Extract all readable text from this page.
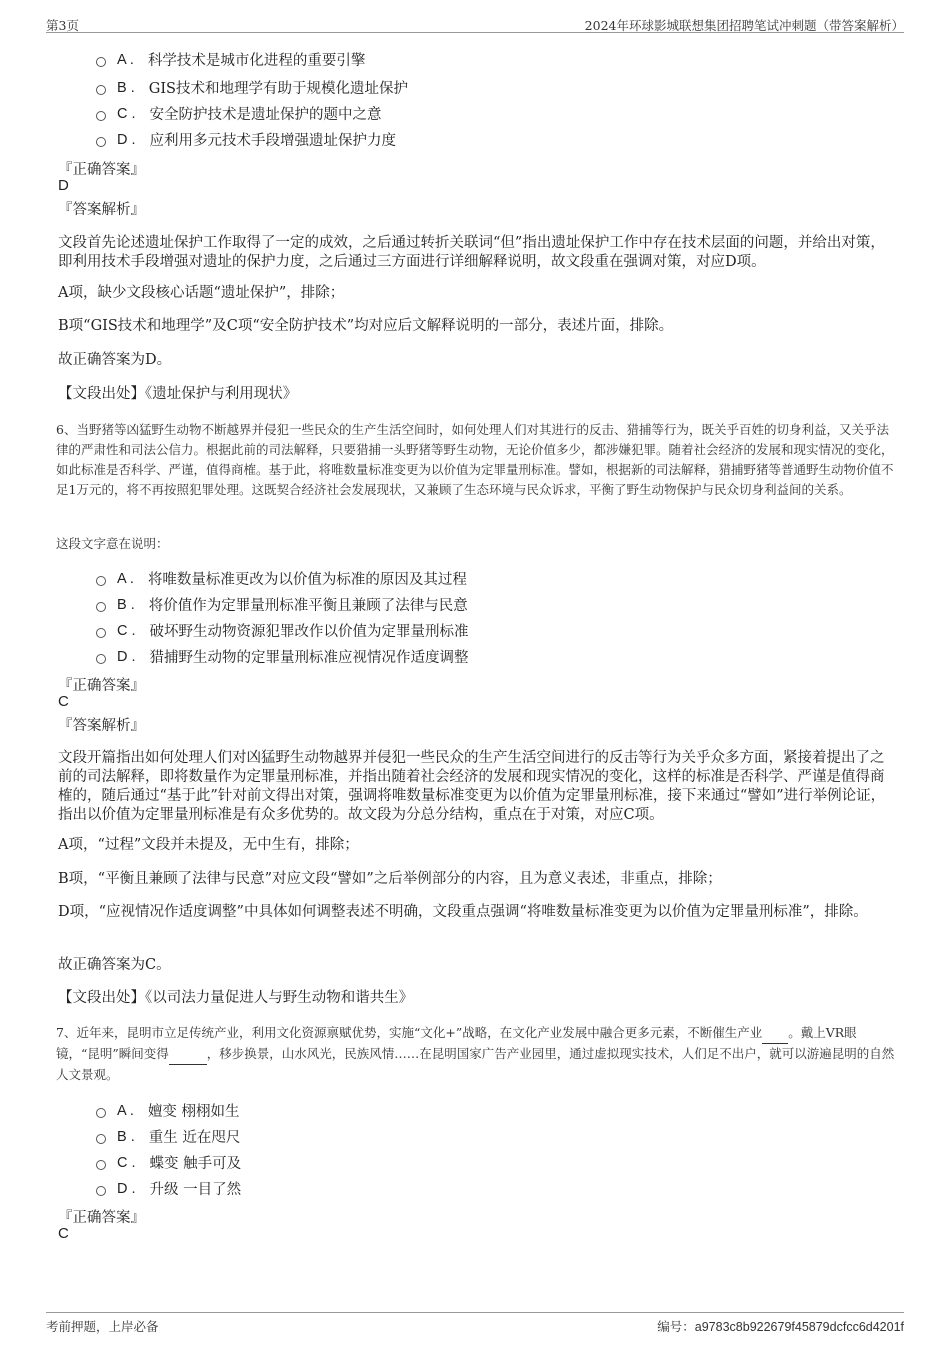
第3页	2024年环球影城联想集团招聘笔试冲刺题（带答案解析）
A . 科学技术是城市化进程的重要引擎
B . GIS技术和地理学有助于规模化遗址保护
C . 安全防护技术是遗址保护的题中之意
D . 应利用多元技术手段增强遗址保护力度
『正确答案』
D
『答案解析』
文段首先论述遗址保护工作取得了一定的成效，之后通过转折关联词“但”指出遗址保护工作中存在技术层面的问题，并给出对策，即利用技术手段增强对遗址的保护力度，之后通过三方面进行详细解释说明，故文段重在强调对策，对应D项。
A项，缺少文段核心话题“遗址保护”，排除；
B项“GIS技术和地理学”及C项“安全防护技术”均对应后文解释说明的一部分，表述片面，排除。
故正确答案为D。
【文段出处】《遗址保护与利用现状》
6、当野猪等凶猛野生动物不断越界并侵犯一些民众的生产生活空间时，如何处理人们对其进行的反击、猎捕等行为，既关乎百姓的切身利益，又关乎法律的严肃性和司法公信力。根据此前的司法解释，只要猎捕一头野猪等野生动物，无论价值多少，都涉嫌犯罪。随着社会经济的发展和现实情况的变化，如此标准是否科学、严谨，值得商榷。基于此，将唯数量标准变更为以价值为定罪量刑标准。譬如，根据新的司法解释，猎捕野猪等普通野生动物价值不足1万元的，将不再按照犯罪处理。这既契合经济社会发展现状，又兼顾了生态环境与民众诉求，平衡了野生动物保护与民众切身利益间的关系。
这段文字意在说明：
A . 将唯数量标准更改为以价值为标准的原因及其过程
B . 将价值作为定罪量刑标准平衡且兼顾了法律与民意
C . 破坏野生动物资源犯罪改作以价值为定罪量刑标准
D . 猎捕野生动物的定罪量刑标准应视情况作适度调整
『正确答案』
C
『答案解析』
文段开篇指出如何处理人们对凶猛野生动物越界并侵犯一些民众的生产生活空间进行的反击等行为关乎众多方面，紧接着提出了之前的司法解释，即将数量作为定罪量刑标准，并指出随着社会经济的发展和现实情况的变化，这样的标准是否科学、严谨是值得商榷的，随后通过“基于此”针对前文得出对策，强调将唯数量标准变更为以价值为定罪量刑标准，接下来通过“譬如”进行举例论证，指出以价值为定罪量刑标准是有众多优势的。故文段为分总分结构，重点在于对策，对应C项。
A项，“过程”文段并未提及，无中生有，排除；
B项，“平衡且兼顾了法律与民意”对应文段“譬如”之后举例部分的内容，且为意义表述，非重点，排除；
D项，“应视情况作适度调整”中具体如何调整表述不明确，文段重点强调“将唯数量标准变更为以价值为定罪量刑标准”，排除。
故正确答案为C。
【文段出处】《以司法力量促进人与野生动物和谐共生》
7、近年来，昆明市立足传统产业，利用文化资源禀赋优势，实施“文化+”战略，在文化产业发展中融合更多元素，不断催生产业 。戴上VR眼镜，“昆明”瞬间变得	，移步换景，山水风光，民族风情……在昆明国家广告产业园里，通过虚拟现实技术，人们足不出户，就可以游遍昆明的自然人文景观。
A . 嬗变 栩栩如生
B . 重生 近在咫尺
C . 蝶变 触手可及
D . 升级 一目了然
『正确答案』
C
考前押题，上岸必备	编号：a9783c8b922679f45879dcfcc6d4201f
